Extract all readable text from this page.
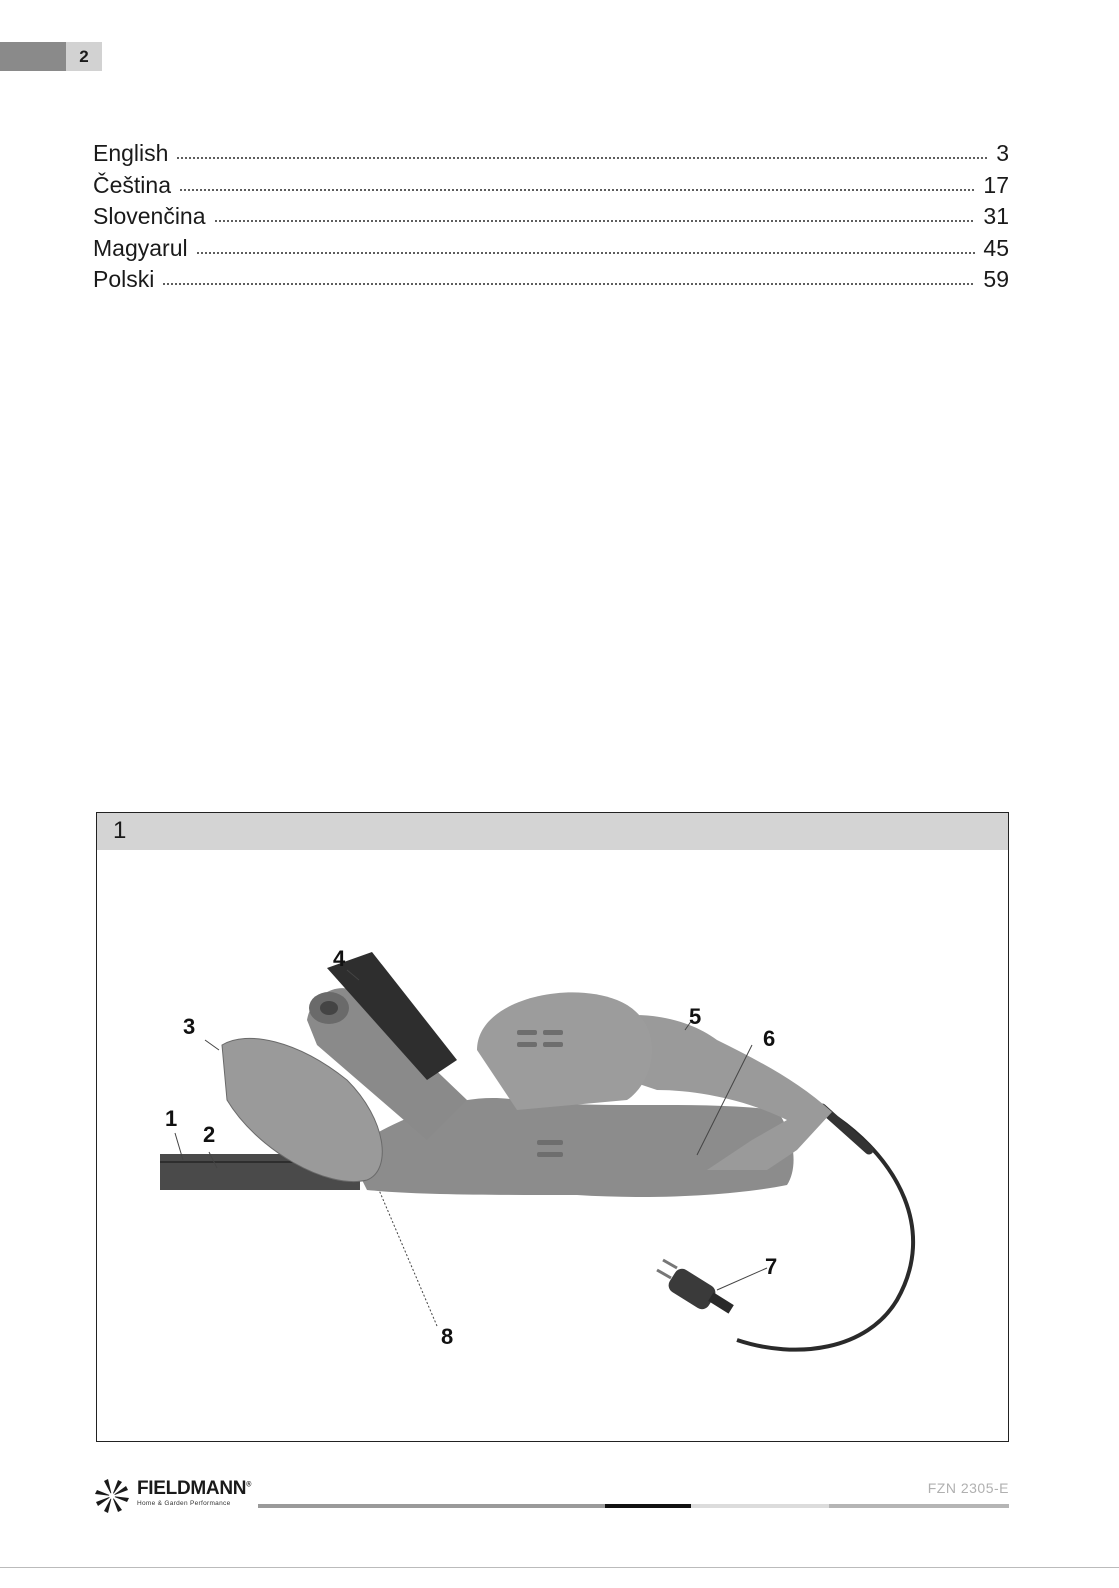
2
English	3
Čeština	17
Slovenčina	31
Magyarul	45
Polski	59
1
1
2
3
4
5
6
7
8
FIELDMANN®
Home & Garden Performance
FZN 2305-E
